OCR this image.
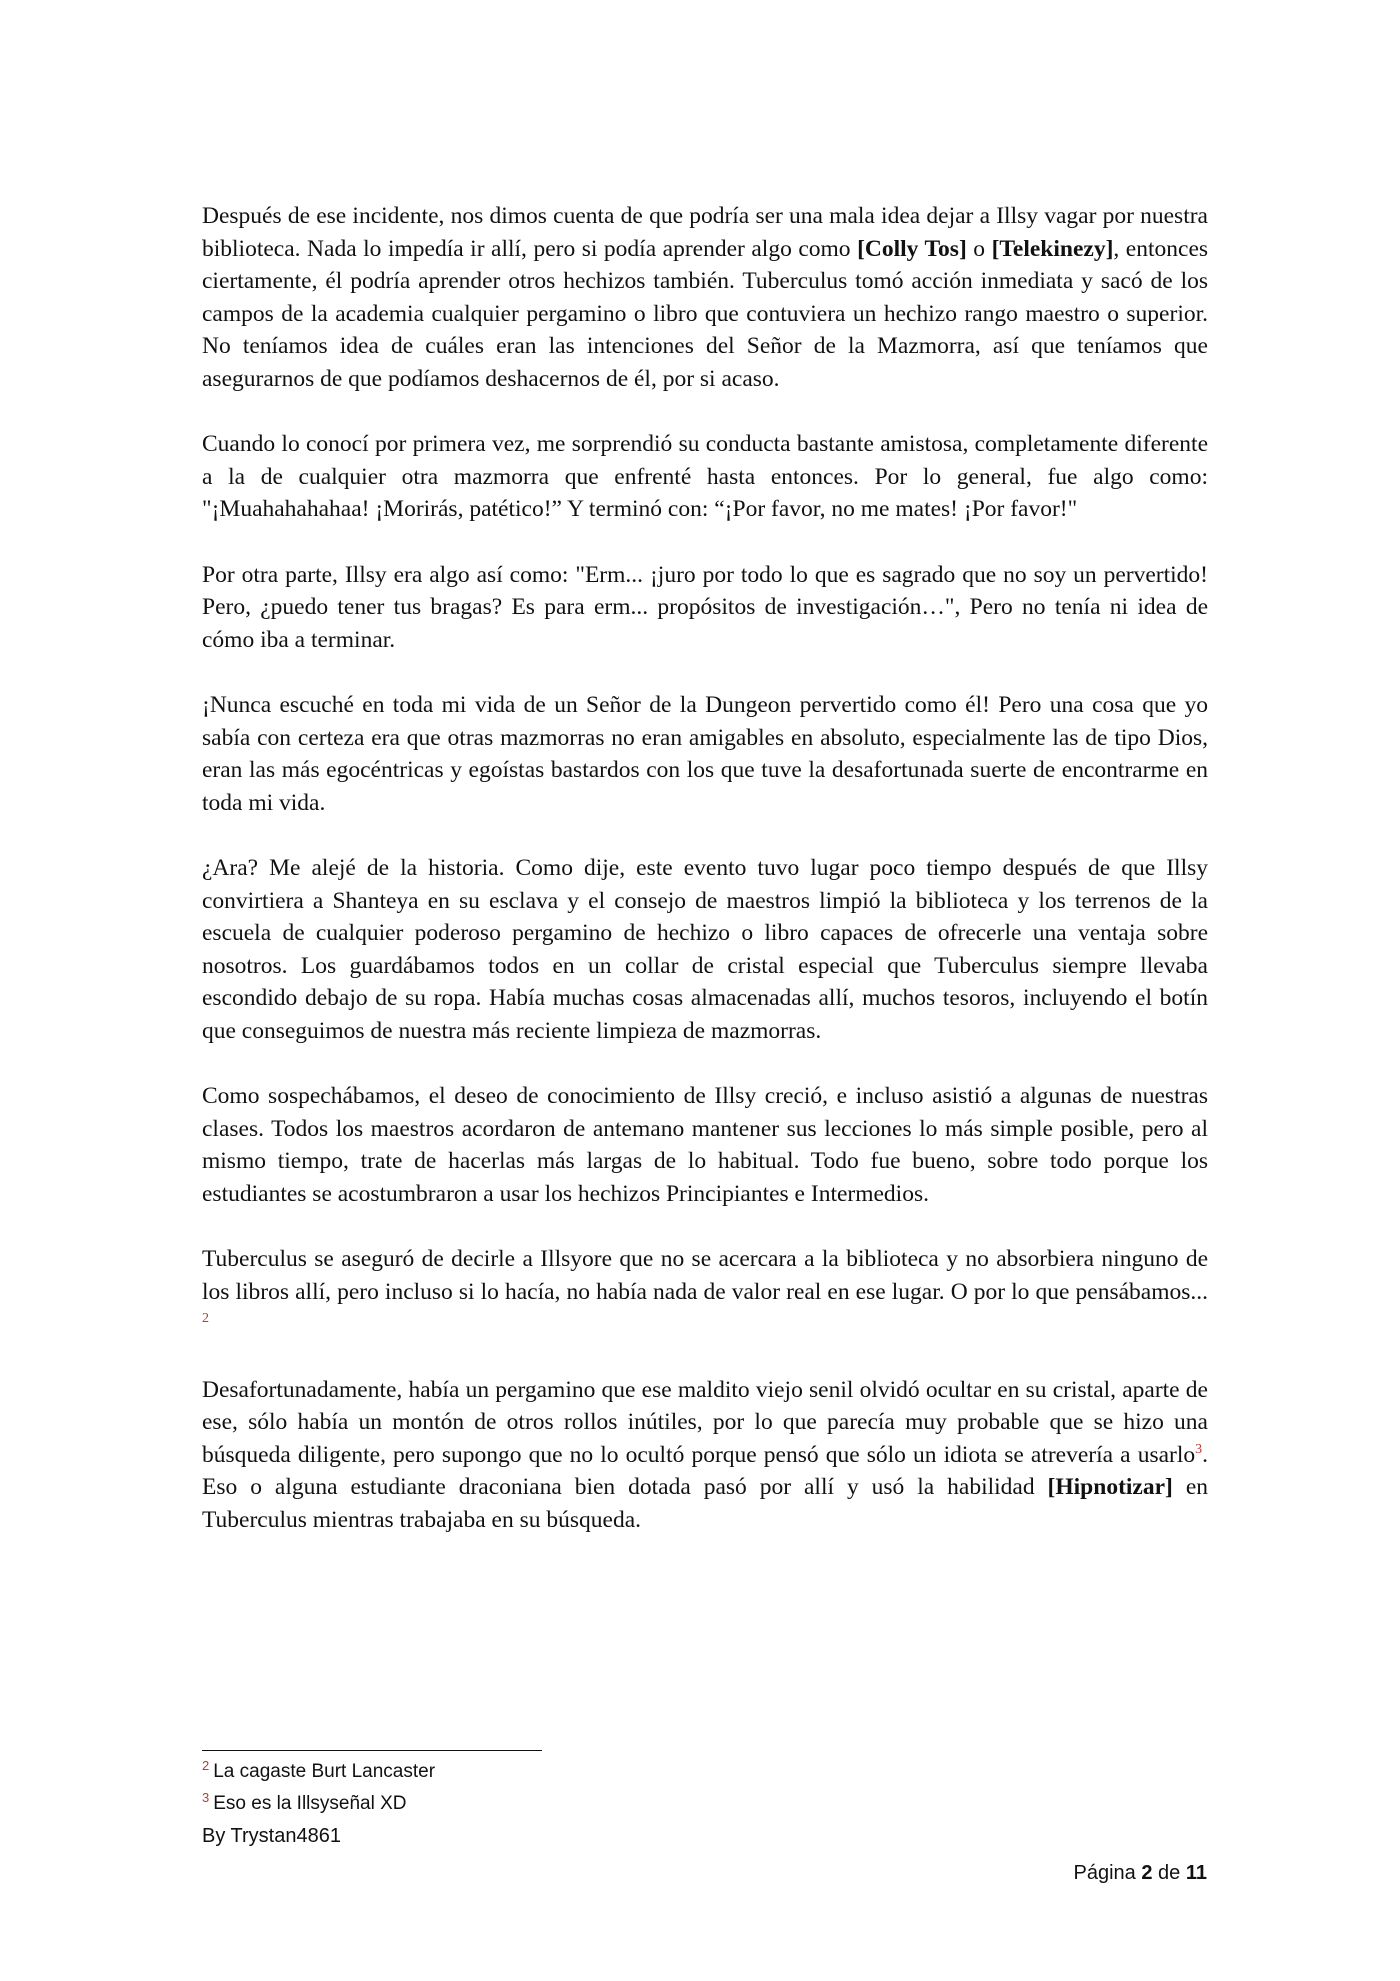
Después de ese incidente, nos dimos cuenta de que podría ser una mala idea dejar a Illsy vagar por nuestra biblioteca. Nada lo impedía ir allí, pero si podía aprender algo como [Colly Tos] o [Telekinezy], entonces ciertamente, él podría aprender otros hechizos también. Tuberculus tomó acción inmediata y sacó de los campos de la academia cualquier pergamino o libro que contuviera un hechizo rango maestro o superior. No teníamos idea de cuáles eran las intenciones del Señor de la Mazmorra, así que teníamos que asegurarnos de que podíamos deshacernos de él, por si acaso.

Cuando lo conocí por primera vez, me sorprendió su conducta bastante amistosa, completamente diferente a la de cualquier otra mazmorra que enfrenté hasta entonces. Por lo general, fue algo como: "¡Muahahahahaa! ¡Morirás, patético!” Y terminó con: “¡Por favor, no me mates! ¡Por favor!"

Por otra parte, Illsy era algo así como: "Erm... ¡juro por todo lo que es sagrado que no soy un pervertido! Pero, ¿puedo tener tus bragas? Es para erm... propósitos de investigación…", Pero no tenía ni idea de cómo iba a terminar.

¡Nunca escuché en toda mi vida de un Señor de la Dungeon pervertido como él! Pero una cosa que yo sabía con certeza era que otras mazmorras no eran amigables en absoluto, especialmente las de tipo Dios, eran las más egocéntricas y egoístas bastardos con los que tuve la desafortunada suerte de encontrarme en toda mi vida.

¿Ara? Me alejé de la historia. Como dije, este evento tuvo lugar poco tiempo después de que Illsy convirtiera a Shanteya en su esclava y el consejo de maestros limpió la biblioteca y los terrenos de la escuela de cualquier poderoso pergamino de hechizo o libro capaces de ofrecerle una ventaja sobre nosotros. Los guardábamos todos en un collar de cristal especial que Tuberculus siempre llevaba escondido debajo de su ropa. Había muchas cosas almacenadas allí, muchos tesoros, incluyendo el botín que conseguimos de nuestra más reciente limpieza de mazmorras.

Como sospechábamos, el deseo de conocimiento de Illsy creció, e incluso asistió a algunas de nuestras clases. Todos los maestros acordaron de antemano mantener sus lecciones lo más simple posible, pero al mismo tiempo, trate de hacerlas más largas de lo habitual. Todo fue bueno, sobre todo porque los estudiantes se acostumbraron a usar los hechizos Principiantes e Intermedios.

Tuberculus se aseguró de decirle a Illsyore que no se acercara a la biblioteca y no absorbiera ninguno de los libros allí, pero incluso si lo hacía, no había nada de valor real en ese lugar. O por lo que pensábamos... $^2$

Desafortunadamente, había un pergamino que ese maldito viejo senil olvidó ocultar en su cristal, aparte de ese, sólo había un montón de otros rollos inútiles, por lo que parecía muy probable que se hizo una búsqueda diligente, pero supongo que no lo ocultó porque pensó que sólo un idiota se atrevería a usarlo$^3$. Eso o alguna estudiante draconiana bien dotada pasó por allí y usó la habilidad [Hipnotizar] en Tuberculus mientras trabajaba en su búsqueda.

$^2$ La cagaste Burt Lancaster
$^3$ Eso es la Illsyseñal XD
By Trystan4861
Página 2 de 11
